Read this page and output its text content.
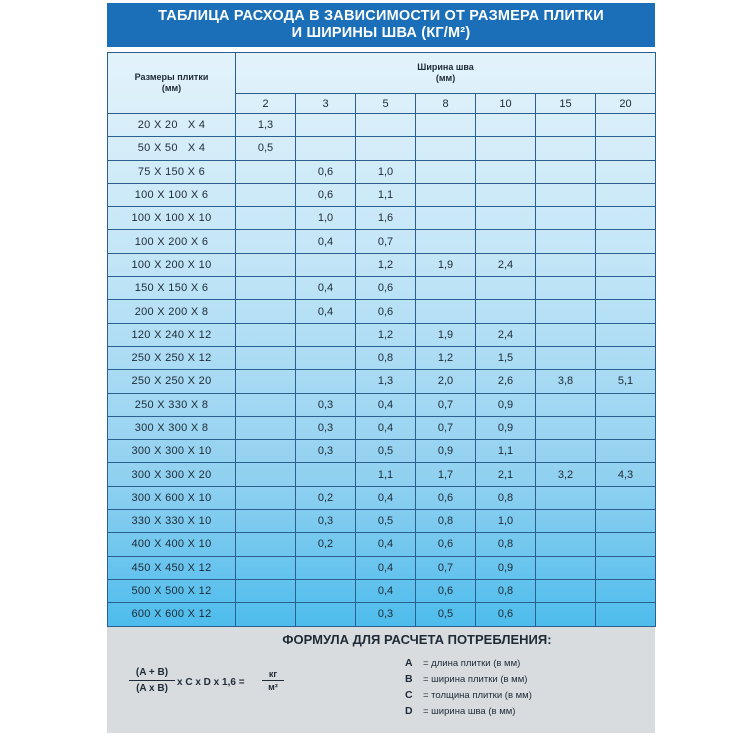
ТАБЛИЦА РАСХОДА В ЗАВИСИМОСТИ ОТ РАЗМЕРА ПЛИТКИ
И ШИРИНЫ ШВА (КГ/М²)
Размеры плитки
(мм)	Ширина шва
(мм)						
	2	3	5	8	10	15	20
20 X 20   X 4	1,3						
50 X 50   X 4	0,5						
75 X 150 X 6		0,6	1,0				
100 X 100 X 6		0,6	1,1				
100 X 100 X 10		1,0	1,6				
100 X 200 X 6		0,4	0,7				
100 X 200 X 10			1,2	1,9	2,4		
150 X 150 X 6		0,4	0,6				
200 X 200 X 8		0,4	0,6				
120 X 240 X 12			1,2	1,9	2,4		
250 X 250 X 12			0,8	1,2	1,5		
250 X 250 X 20			1,3	2,0	2,6	3,8	5,1
250 X 330 X 8		0,3	0,4	0,7	0,9		
300 X 300 X 8		0,3	0,4	0,7	0,9		
300 X 300 X 10		0,3	0,5	0,9	1,1		
300 X 300 X 20			1,1	1,7	2,1	3,2	4,3
300 X 600 X 10		0,2	0,4	0,6	0,8		
330 X 330 X 10		0,3	0,5	0,8	1,0		
400 X 400 X 10		0,2	0,4	0,6	0,8		
450 X 450 X 12			0,4	0,7	0,9		
500 X 500 X 12			0,4	0,6	0,8		
600 X 600 X 12			0,3	0,5	0,6		
ФОРМУЛА ДЛЯ РАСЧЕТА ПОТРЕБЛЕНИЯ:
$\frac{(A + B)}{\text{(A x B)}}$ x C x D x 1,6 =
кг
м²
A = длина плитки (в мм)
B = ширина плитки (в мм)
C = толщина плитки (в мм)
D = ширина шва (в мм)
